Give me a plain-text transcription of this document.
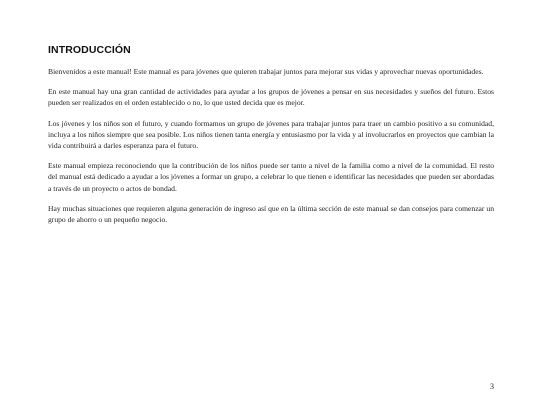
INTRODUCCIÓN

Bienvenidos a este manual! Este manual es para jóvenes que quieren trabajar juntos para mejorar sus vidas y aprovechar nuevas oportunidades.

En este manual hay una gran cantidad de actividades para ayudar a los grupos de jóvenes a pensar en sus necesidades y sueños del futuro. Estos pueden ser realizados en el orden establecido o no, lo que usted decida que es mejor.

Los jóvenes y los niños son el futuro, y cuando formamos un grupo de jóvenes para trabajar juntos para traer un cambio positivo a su comunidad, incluya a los niños siempre que sea posible. Los niños tienen tanta energía y entusiasmo por la vida y al involucrarlos en proyectos que cambian la vida contribuirá a darles esperanza para el futuro.

Este manual empieza reconociendo que la contribución de los niños puede ser tanto a nivel de la familia como a nivel de la comunidad. El resto del manual está dedicado a ayudar a los jóvenes a formar un grupo, a celebrar lo que tienen e identificar las necesidades que pueden ser abordadas a través de un proyecto o actos de bondad.

Hay muchas situaciones que requieren alguna generación de ingreso así que en la última sección de este manual se dan consejos para comenzar un grupo de ahorro o un pequeño negocio.

3
